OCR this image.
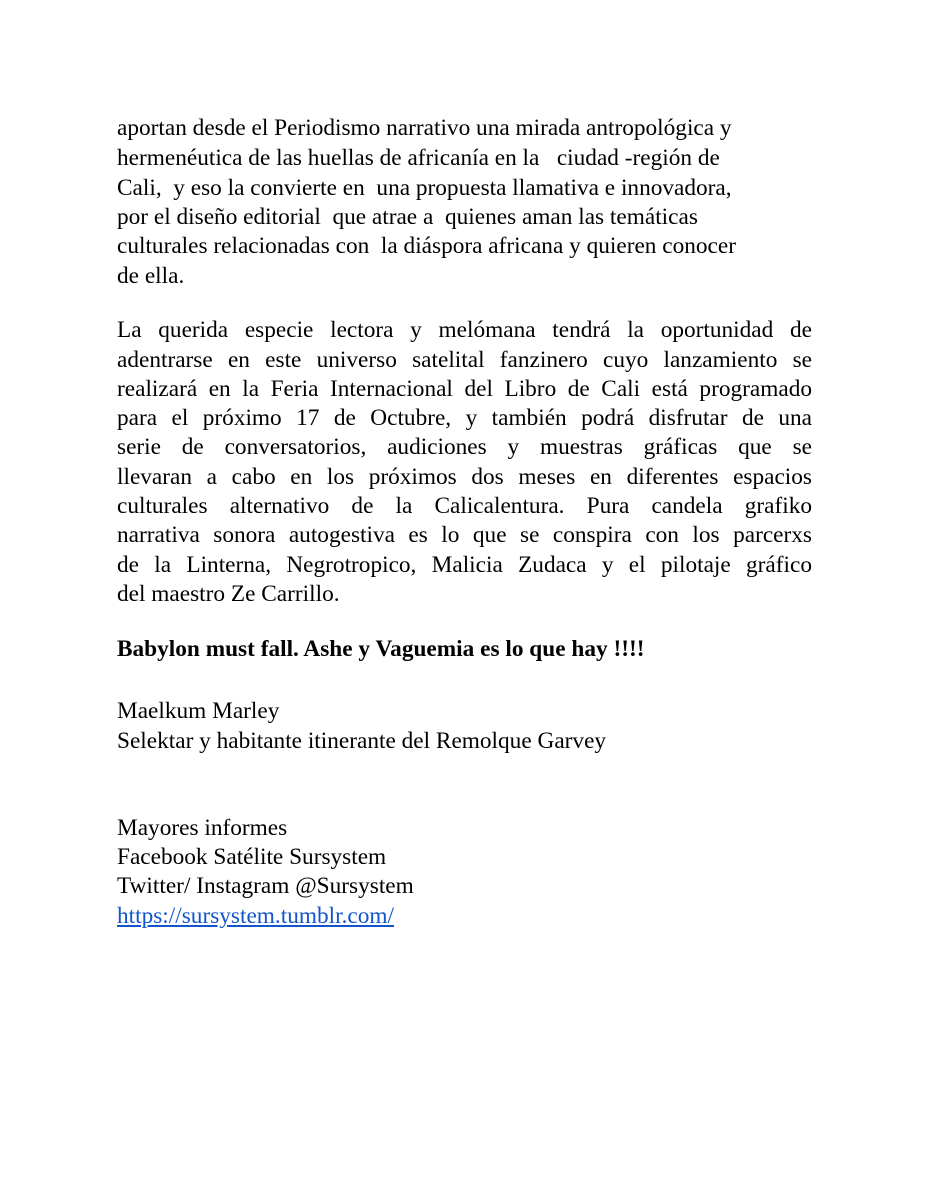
aportan desde el Periodismo narrativo una mirada antropológica y

hermenéutica de las huellas de africanía en la   ciudad -región de

Cali,  y eso la convierte en  una propuesta llamativa e innovadora,

por el diseño editorial  que atrae a  quienes aman las temáticas

culturales relacionadas con  la diáspora africana y quieren conocer

de ella.

La querida especie lectora y melómana tendrá la oportunidad de

adentrarse en este universo satelital fanzinero cuyo lanzamiento se

realizará en la Feria Internacional del Libro de Cali está programado

para el próximo 17 de Octubre, y también podrá disfrutar de una

serie de conversatorios, audiciones y muestras gráficas que se

llevaran a cabo en los próximos dos meses en diferentes espacios

culturales alternativo de la Calicalentura. Pura candela grafiko

narrativa sonora autogestiva es lo que se conspira con los parcerxs

de la Linterna, Negrotropico, Malicia Zudaca y el pilotaje gráfico

del maestro Ze Carrillo.

Babylon must fall. Ashe y Vaguemia es lo que hay !!!!

Maelkum Marley

Selektar y habitante itinerante del Remolque Garvey

Mayores informes

Facebook Satélite Sursystem

Twitter/ Instagram @Sursystem

https://sursystem.tumblr.com/
